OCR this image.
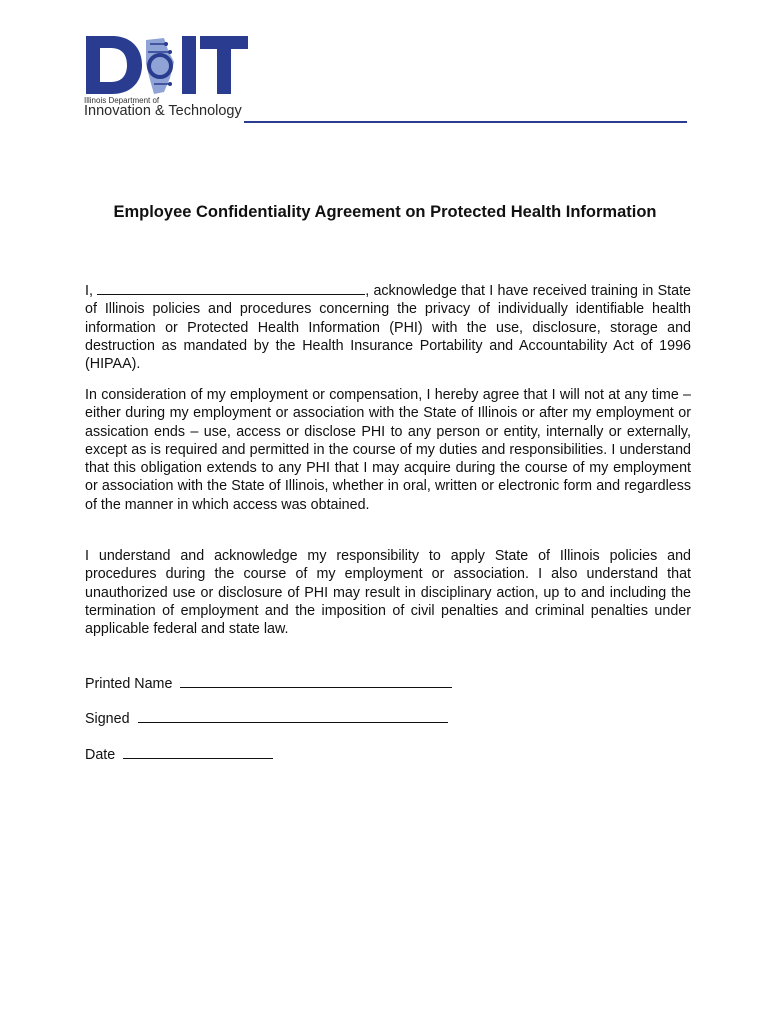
Illinois Department of
Innovation & Technology
Employee Confidentiality Agreement on Protected Health Information
I,	, acknowledge that I have received training in State of Illinois policies and procedures concerning the privacy of individually identifiable health information or Protected Health Information (PHI) with the use, disclosure, storage and destruction as mandated by the Health Insurance Portability and Accountability Act of 1996 (HIPAA).
In consideration of my employment or compensation, I hereby agree that I will not at any time – either during my employment or association with the State of Illinois or after my employment or assication ends – use, access or disclose PHI to any person or entity, internally or externally, except as is required and permitted in the course of my duties and responsibilities. I understand that this obligation extends to any PHI that I may acquire during the course of my employment or association with the State of Illinois, whether in oral, written or electronic form and regardless of the manner in which access was obtained.
I understand and acknowledge my responsibility to apply State of Illinois policies and procedures during the course of my employment or association. I also understand that unauthorized use or disclosure of PHI may result in disciplinary action, up to and including the termination of employment and the imposition of civil penalties and criminal penalties under applicable federal and state law.
Printed Name
Signed
Date
